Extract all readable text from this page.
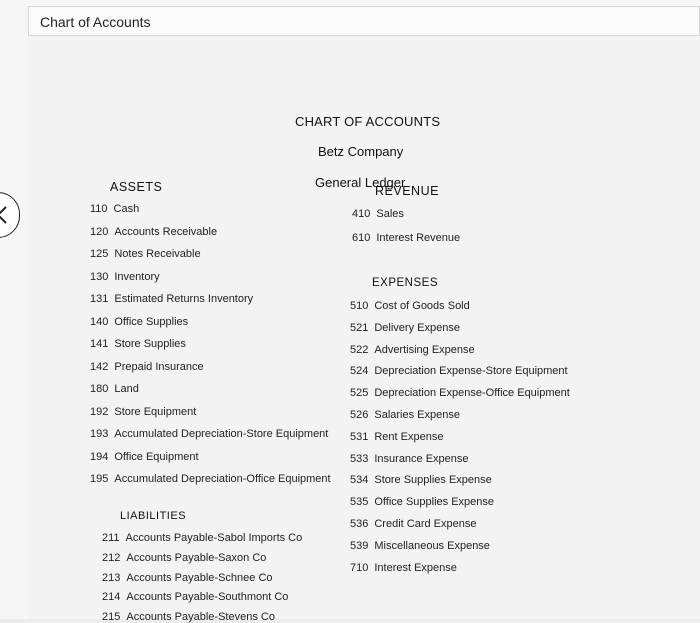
Chart of Accounts
CHART OF ACCOUNTS
Betz Company
General Ledger
ASSETS
110 Cash
120 Accounts Receivable
125 Notes Receivable
130 Inventory
131 Estimated Returns Inventory
140 Office Supplies
141 Store Supplies
142 Prepaid Insurance
180 Land
192 Store Equipment
193 Accumulated Depreciation-Store Equipment
194 Office Equipment
195 Accumulated Depreciation-Office Equipment
LIABILITIES
211 Accounts Payable-Sabol Imports Co
212 Accounts Payable-Saxon Co
213 Accounts Payable-Schnee Co
214 Accounts Payable-Southmont Co
215 Accounts Payable-Stevens Co
REVENUE
410 Sales
610 Interest Revenue
EXPENSES
510 Cost of Goods Sold
521 Delivery Expense
522 Advertising Expense
524 Depreciation Expense-Store Equipment
525 Depreciation Expense-Office Equipment
526 Salaries Expense
531 Rent Expense
533 Insurance Expense
534 Store Supplies Expense
535 Office Supplies Expense
536 Credit Card Expense
539 Miscellaneous Expense
710 Interest Expense
